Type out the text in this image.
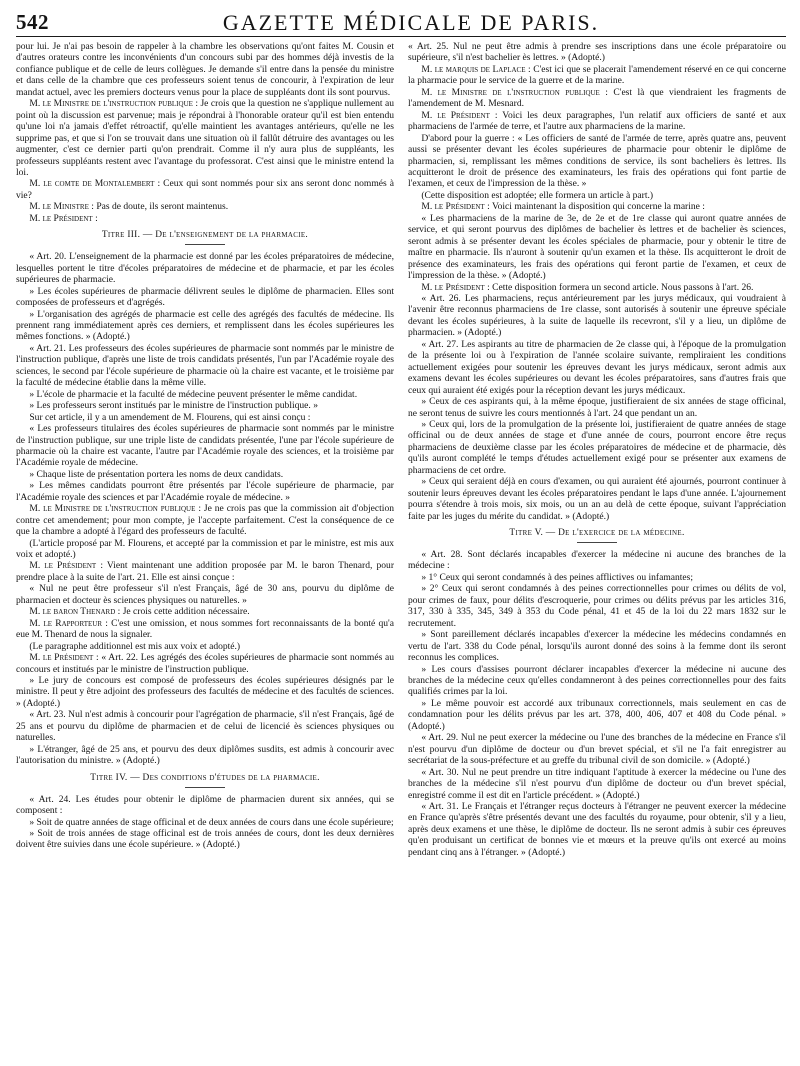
542	GAZETTE MÉDICALE DE PARIS.

pour lui. Je n'ai pas besoin de rappeler à la chambre les observations qu'ont faites M. Cousin et d'autres orateurs contre les inconvénients d'un concours subi par des hommes déjà investis de la confiance publique et de celle de leurs collègues. Je demande s'il entre dans la pensée du ministre et dans celle de la chambre que ces professeurs soient tenus de concourir, à l'expiration de leur mandat actuel, avec les premiers docteurs venus pour la place de suppléants dont ils sont pourvus.

M. le Ministre de l'instruction publique : Je crois que la question ne s'applique nullement au point où la discussion est parvenue; mais je répondrai à l'honorable orateur qu'il est bien entendu qu'une loi n'a jamais d'effet rétroactif, qu'elle maintient les avantages antérieurs, qu'elle ne les supprime pas, et que si l'on se trouvait dans une situation où il fallût détruire des avantages ou les augmenter, c'est ce dernier parti qu'on prendrait. Comme il n'y aura plus de suppléants, les professeurs suppléants restent avec l'avantage du professorat. C'est ainsi que le ministre entend la loi.

M. le comte de Montalembert : Ceux qui sont nommés pour six ans seront donc nommés à vie?

M. le Ministre : Pas de doute, ils seront maintenus.

M. le Président :

Titre III. — De l'enseignement de la pharmacie.

« Art. 20. L'enseignement de la pharmacie est donné par les écoles préparatoires de médecine, lesquelles portent le titre d'écoles préparatoires de médecine et de pharmacie, et par les écoles supérieures de pharmacie.

» Les écoles supérieures de pharmacie délivrent seules le diplôme de pharmacien. Elles sont composées de professeurs et d'agrégés.

» L'organisation des agrégés de pharmacie est celle des agrégés des facultés de médecine. Ils prennent rang immédiatement après ces derniers, et remplissent dans les écoles supérieures les mêmes fonctions. » (Adopté.)

« Art. 21. Les professeurs des écoles supérieures de pharmacie sont nommés par le ministre de l'instruction publique, d'après une liste de trois candidats présentés, l'un par l'Académie royale des sciences, le second par l'école supérieure de pharmacie où la chaire est vacante, et le troisième par la faculté de médecine établie dans la même ville.

» L'école de pharmacie et la faculté de médecine peuvent présenter le même candidat.

» Les professeurs seront institués par le ministre de l'instruction publique. »

Sur cet article, il y a un amendement de M. Flourens, qui est ainsi conçu :

« Les professeurs titulaires des écoles supérieures de pharmacie sont nommés par le ministre de l'instruction publique, sur une triple liste de candidats présentée, l'une par l'école supérieure de pharmacie où la chaire est vacante, l'autre par l'Académie royale des sciences, et la troisième par l'Académie royale de médecine.

» Chaque liste de présentation portera les noms de deux candidats.

» Les mêmes candidats pourront être présentés par l'école supérieure de pharmacie, par l'Académie royale des sciences et par l'Académie royale de médecine. »

M. le Ministre de l'instruction publique : Je ne crois pas que la commission ait d'objection contre cet amendement; pour mon compte, je l'accepte parfaitement. C'est la conséquence de ce que la chambre a adopté à l'égard des professeurs de faculté.

(L'article proposé par M. Flourens, et accepté par la commission et par le ministre, est mis aux voix et adopté.)

M. le Président : Vient maintenant une addition proposée par M. le baron Thenard, pour prendre place à la suite de l'art. 21. Elle est ainsi conçue :

« Nul ne peut être professeur s'il n'est Français, âgé de 30 ans, pourvu du diplôme de pharmacien et docteur ès sciences physiques ou naturelles. »

M. le baron Thenard : Je crois cette addition nécessaire.

M. le Rapporteur : C'est une omission, et nous sommes fort reconnaissants de la bonté qu'a eue M. Thenard de nous la signaler.

(Le paragraphe additionnel est mis aux voix et adopté.)

M. le Président : « Art. 22. Les agrégés des écoles supérieures de pharmacie sont nommés au concours et institués par le ministre de l'instruction publique.

» Le jury de concours est composé de professeurs des écoles supérieures désignés par le ministre. Il peut y être adjoint des professeurs des facultés de médecine et des facultés de sciences. » (Adopté.)

« Art. 23. Nul n'est admis à concourir pour l'agrégation de pharmacie, s'il n'est Français, âgé de 25 ans et pourvu du diplôme de pharmacien et de celui de licencié ès sciences physiques ou naturelles.

» L'étranger, âgé de 25 ans, et pourvu des deux diplômes susdits, est admis à concourir avec l'autorisation du ministre. » (Adopté.)

Titre IV. — Des conditions d'études de la pharmacie.

« Art. 24. Les études pour obtenir le diplôme de pharmacien durent six années, qui se composent :

» Soit de quatre années de stage officinal et de deux années de cours dans une école supérieure;

» Soit de trois années de stage officinal est de trois années de cours, dont les deux dernières doivent être suivies dans une école supérieure. » (Adopté.)

« Art. 25. Nul ne peut être admis à prendre ses inscriptions dans une école préparatoire ou supérieure, s'il n'est bachelier ès lettres. » (Adopté.)

M. le marquis de Laplace : C'est ici que se placerait l'amendement réservé en ce qui concerne la pharmacie pour le service de la guerre et de la marine.

M. le Ministre de l'instruction publique : C'est là que viendraient les fragments de l'amendement de M. Mesnard.

M. le Président : Voici les deux paragraphes, l'un relatif aux officiers de santé et aux pharmaciens de l'armée de terre, et l'autre aux pharmaciens de la marine.

D'abord pour la guerre : « Les officiers de santé de l'armée de terre, après quatre ans, peuvent aussi se présenter devant les écoles supérieures de pharmacie pour obtenir le diplôme de pharmacien, si, remplissant les mêmes conditions de service, ils sont bacheliers ès lettres. Ils acquitteront le droit de présence des examinateurs, les frais des opérations qui font partie de l'examen, et ceux de l'impression de la thèse. »

(Cette disposition est adoptée; elle formera un article à part.)

M. le Président : Voici maintenant la disposition qui concerne la marine :

« Les pharmaciens de la marine de 3e, de 2e et de 1re classe qui auront quatre années de service, et qui seront pourvus des diplômes de bachelier ès lettres et de bachelier ès sciences, seront admis à se présenter devant les écoles spéciales de pharmacie, pour y obtenir le titre de maître en pharmacie. Ils n'auront à soutenir qu'un examen et la thèse. Ils acquitteront le droit de présence des examinateurs, les frais des opérations qui feront partie de l'examen, et ceux de l'impression de la thèse. » (Adopté.)

M. le Président : Cette disposition formera un second article. Nous passons à l'art. 26.

« Art. 26. Les pharmaciens, reçus antérieurement par les jurys médicaux, qui voudraient à l'avenir être reconnus pharmaciens de 1re classe, sont autorisés à soutenir une épreuve spéciale devant les écoles supérieures, à la suite de laquelle ils recevront, s'il y a lieu, un diplôme de pharmacien. » (Adopté.)

« Art. 27. Les aspirants au titre de pharmacien de 2e classe qui, à l'époque de la promulgation de la présente loi ou à l'expiration de l'année scolaire suivante, rempliraient les conditions actuellement exigées pour soutenir les épreuves devant les jurys médicaux, seront admis aux examens devant les écoles supérieures ou devant les écoles préparatoires, sans d'autres frais que ceux qui auraient été exigés pour la réception devant les jurys médicaux.

» Ceux de ces aspirants qui, à la même époque, justifieraient de six années de stage officinal, ne seront tenus de suivre les cours mentionnés à l'art. 24 que pendant un an.

» Ceux qui, lors de la promulgation de la présente loi, justifieraient de quatre années de stage officinal ou de deux années de stage et d'une année de cours, pourront encore être reçus pharmaciens de deuxième classe par les écoles préparatoires de médecine et de pharmacie, dès qu'ils auront complété le temps d'études actuellement exigé pour se présenter aux examens de pharmaciens de cet ordre.

» Ceux qui seraient déjà en cours d'examen, ou qui auraient été ajournés, pourront continuer à soutenir leurs épreuves devant les écoles préparatoires pendant le laps d'une année. L'ajournement pourra s'étendre à trois mois, six mois, ou un an au delà de cette époque, suivant l'appréciation faite par les juges du mérite du candidat. » (Adopté.)

Titre V. — De l'exercice de la médecine.

« Art. 28. Sont déclarés incapables d'exercer la médecine ni aucune des branches de la médecine :

» 1° Ceux qui seront condamnés à des peines afflictives ou infamantes;

» 2° Ceux qui seront condamnés à des peines correctionnelles pour crimes ou délits de vol, pour crimes de faux, pour délits d'escroquerie, pour crimes ou délits prévus par les articles 316, 317, 330 à 335, 345, 349 à 353 du Code pénal, 41 et 45 de la loi du 22 mars 1832 sur le recrutement.

» Sont pareillement déclarés incapables d'exercer la médecine les médecins condamnés en vertu de l'art. 338 du Code pénal, lorsqu'ils auront donné des soins à la femme dont ils seront reconnus les complices.

» Les cours d'assises pourront déclarer incapables d'exercer la médecine ni aucune des branches de la médecine ceux qu'elles condamneront à des peines correctionnelles pour des faits qualifiés crimes par la loi.

» Le même pouvoir est accordé aux tribunaux correctionnels, mais seulement en cas de condamnation pour les délits prévus par les art. 378, 400, 406, 407 et 408 du Code pénal. » (Adopté.)

« Art. 29. Nul ne peut exercer la médecine ou l'une des branches de la médecine en France s'il n'est pourvu d'un diplôme de docteur ou d'un brevet spécial, et s'il ne l'a fait enregistrer au secrétariat de la sous-préfecture et au greffe du tribunal civil de son domicile. » (Adopté.)

« Art. 30. Nul ne peut prendre un titre indiquant l'aptitude à exercer la médecine ou l'une des branches de la médecine s'il n'est pourvu d'un diplôme de docteur ou d'un brevet spécial, enregistré comme il est dit en l'article précédent. » (Adopté.)

« Art. 31. Le Français et l'étranger reçus docteurs à l'étranger ne peuvent exercer la médecine en France qu'après s'être présentés devant une des facultés du royaume, pour obtenir, s'il y a lieu, après deux examens et une thèse, le diplôme de docteur. Ils ne seront admis à subir ces épreuves qu'en produisant un certificat de bonnes vie et mœurs et la preuve qu'ils ont exercé au moins pendant cinq ans à l'étranger. » (Adopté.)
